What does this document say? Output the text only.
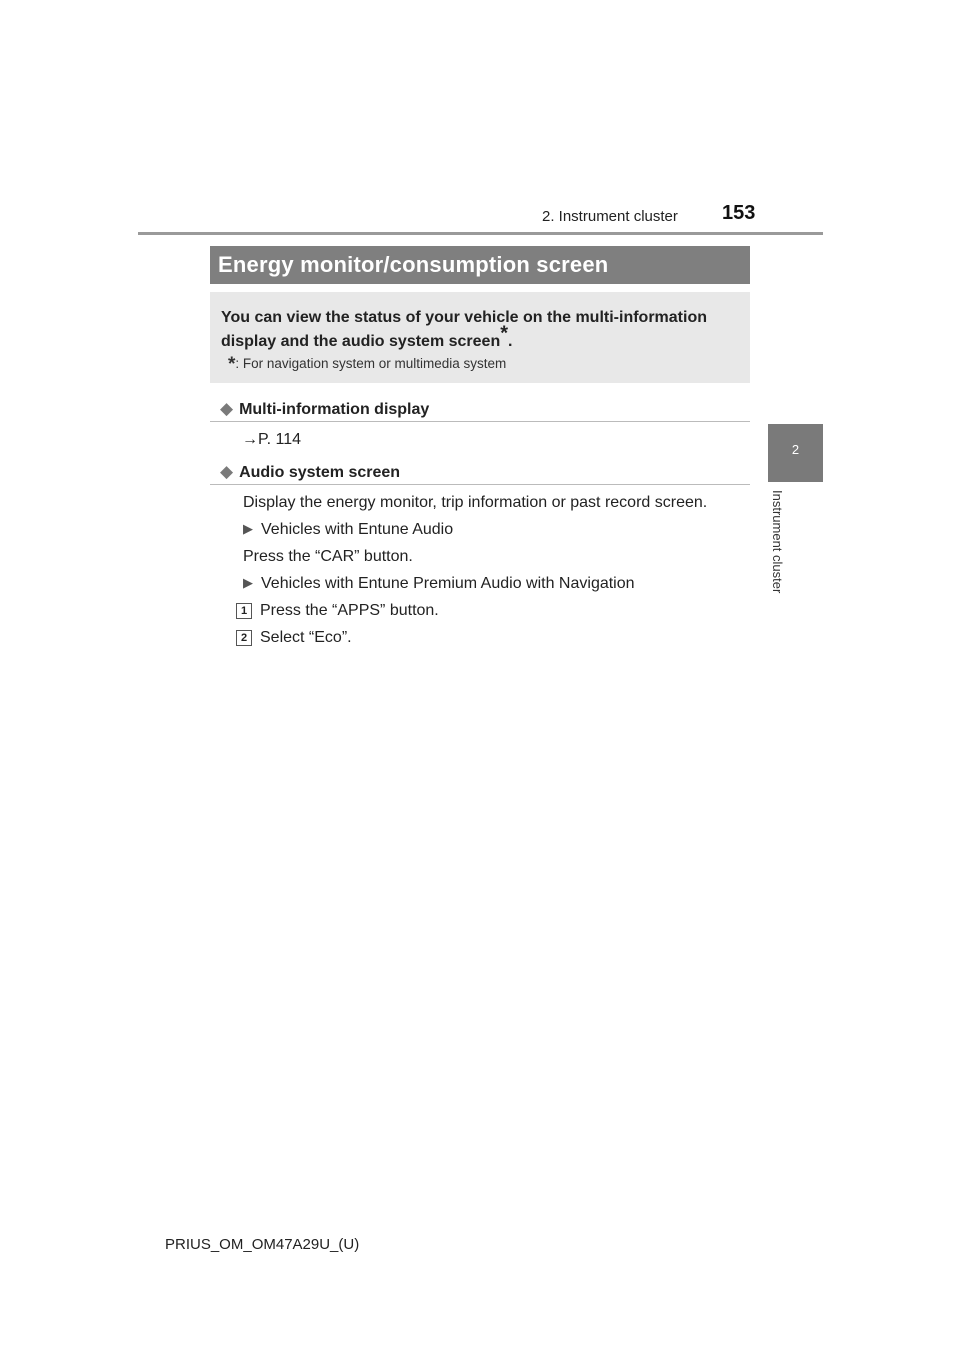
2. Instrument cluster 153
2
Instrument cluster
Energy monitor/consumption screen
You can view the status of your vehicle on the multi-information display and the audio system screen*.
*: For navigation system or multimedia system
◆ Multi-information display
→P. 114
◆ Audio system screen
Display the energy monitor, trip information or past record screen.
▶ Vehicles with Entune Audio
Press the “CAR” button.
▶ Vehicles with Entune Premium Audio with Navigation
1 Press the “APPS” button.
2 Select “Eco”.
PRIUS_OM_OM47A29U_(U)
